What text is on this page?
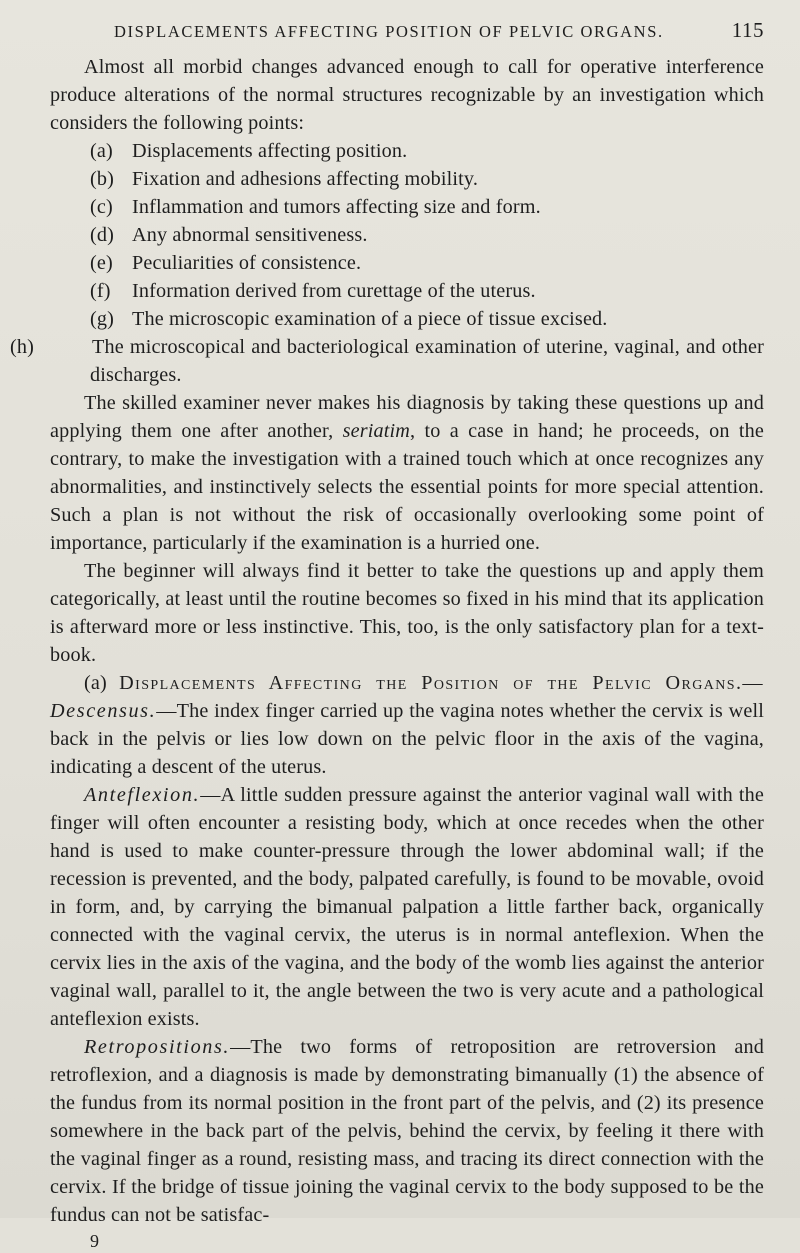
DISPLACEMENTS AFFECTING POSITION OF PELVIC ORGANS.	115

Almost all morbid changes advanced enough to call for operative interference produce alterations of the normal structures recognizable by an investigation which considers the following points:

(a) Displacements affecting position.
(b) Fixation and adhesions affecting mobility.
(c) Inflammation and tumors affecting size and form.
(d) Any abnormal sensitiveness.
(e) Peculiarities of consistence.
(f) Information derived from curettage of the uterus.
(g) The microscopic examination of a piece of tissue excised.
(h)	The microscopical and bacteriological examination of uterine, vaginal, and other discharges.

The skilled examiner never makes his diagnosis by taking these questions up and applying them one after another, seriatim, to a case in hand; he proceeds, on the contrary, to make the investigation with a trained touch which at once recognizes any abnormalities, and instinctively selects the essential points for more special attention. Such a plan is not without the risk of occasionally overlooking some point of importance, particularly if the examination is a hurried one.

The beginner will always find it better to take the questions up and apply them categorically, at least until the routine becomes so fixed in his mind that its application is afterward more or less instinctive. This, too, is the only satisfactory plan for a text-book.

(a) Displacements Affecting the Position of the Pelvic Organs.—Descensus.—The index finger carried up the vagina notes whether the cervix is well back in the pelvis or lies low down on the pelvic floor in the axis of the vagina, indicating a descent of the uterus.

Anteflexion.—A little sudden pressure against the anterior vaginal wall with the finger will often encounter a resisting body, which at once recedes when the other hand is used to make counter-pressure through the lower abdominal wall; if the recession is prevented, and the body, palpated carefully, is found to be movable, ovoid in form, and, by carrying the bimanual palpation a little farther back, organically connected with the vaginal cervix, the uterus is in normal anteflexion. When the cervix lies in the axis of the vagina, and the body of the womb lies against the anterior vaginal wall, parallel to it, the angle between the two is very acute and a pathological anteflexion exists.

Retropositions.—The two forms of retroposition are retroversion and retroflexion, and a diagnosis is made by demonstrating bimanually (1) the absence of the fundus from its normal position in the front part of the pelvis, and (2) its presence somewhere in the back part of the pelvis, behind the cervix, by feeling it there with the vaginal finger as a round, resisting mass, and tracing its direct connection with the cervix. If the bridge of tissue joining the vaginal cervix to the body supposed to be the fundus can not be satisfac-

9
